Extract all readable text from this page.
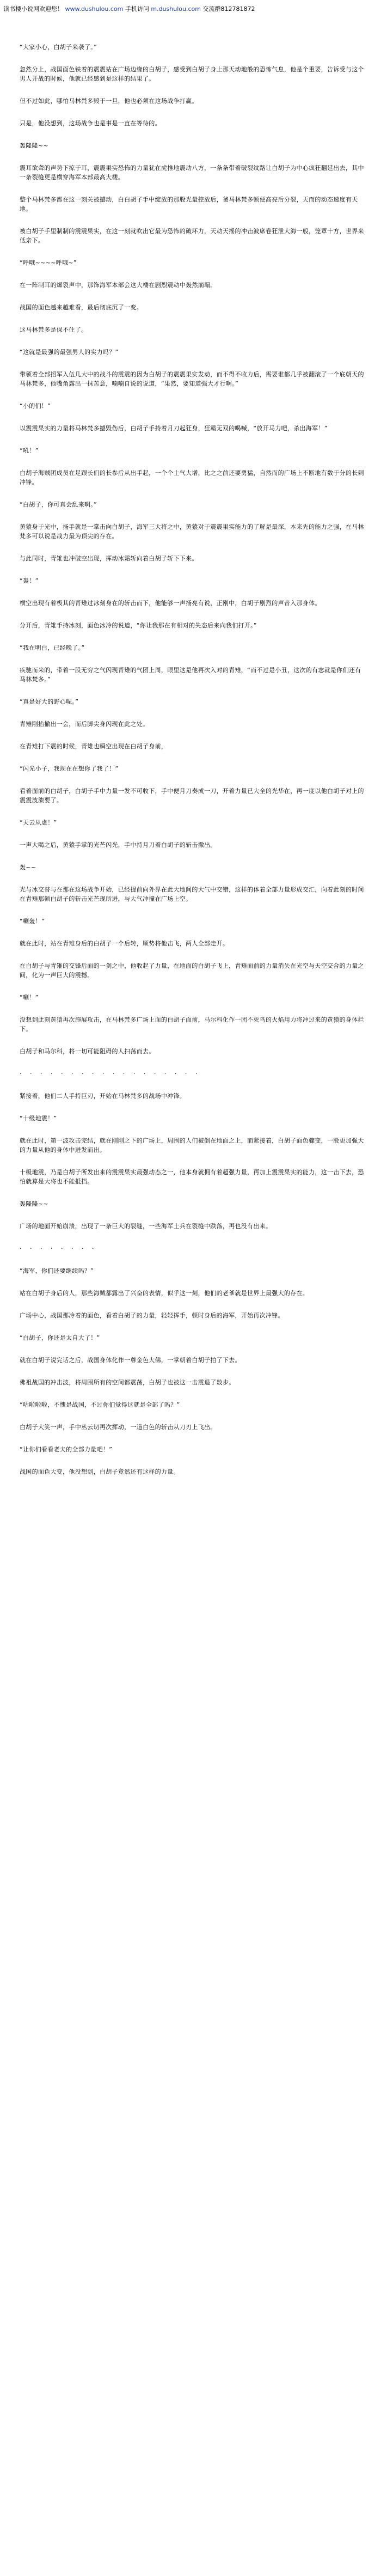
读书楼小说网欢迎您！ www.dushulou.com 手机访问 m.dushulou.com 交流群812781872

“大家小心，白胡子来袭了。”

忽然分上，战国面色铁着的震震站在广场边缘的白胡子，感受到白胡子身上那天动地般的恐怖气息，他是个重要，告诉受与这个男人开战的时候，他就已经感到是这样的结果了。

但不过如此，哪怕马林梵多毁于一旦，他也必须在这场战争打赢。

只是，他没想到，这场战争也是事是一直在等待的。

轰隆隆~~

震耳欲聋的声势下掠于耳，震震果实恐怖的力量犹在虎推地震动八方，一条条带着破裂纹路让白胡子为中心疯狂翻延出去，其中一条裂缝更是横穿海军本部最高大楼。

整个马林梵多都在这一刻关被撼动，白白胡子手中绽放的那股光量控放后，爸马林梵多顿便高亮后分裂，天而的动态速度有天地。

被白胡子手里制制的震震果实，在这一刻就吹出它最为恐怖的破坏力，天动天摇的冲击波席卷狂泄大海一般，笼罩十方，世界来低亲下。

“呼哦~~~~呼哦~”

在一阵制耳的爆裂声中，那饰海军本部会这大楼在剧烈震动中轰然崩塌。

战国的面色越来越难看，最后彻底沉了一变。

这马林梵多是保不住了。

“这就是最强的最强男人的实力吗？”

带领着全部招军入伍几大中的战斗的震震的因为白胡子的震震果实发动，而不得不收力后，需要谁都几乎被翻滚了一个底朝天的马林梵多，他嘴角露出一抹苦意，喃喃自说的说道，“果然，要知道强大才行啊。”

“小的们！”

以震震果实的力量将马林梵多撼毁伤后，白胡子手持着月刀起狂身，狂霸无双的喝喊，“放开马力吧，杀出海军！”

“吼！”

白胡子海贼团成员在足跟长们的长参后从出手起，一个个士气大增，比之之前还要勇猛，自然而的广场上不断地有数于分的长刺冲锋。

“白胡子，你可真会乱来啊。”

黄猿身于光中，扬手就是一掌击向白胡子，海军三大将之中，黄猿对于震震果实能力的了解是最深，本来先的能力之强，在马林梵多可以说是战力最为顶尖的存在。

与此同时，青雉也冲破空出现，挥动冰霜斩向着白胡子斩下下来。

“轰！”

横空出现有着极其的青雉过冰刻身在的斩击而下，他能够一声扬亮有说，正刚中，白胡子剧烈的声音入那身体。

分开后，青雉手持冰刻，面色冰冷的说道，“你让我那在有相对的失态后来向我们打开。”

“我在明白，已经晚了。”

疾驰而来的，带着一股无穷之气闪现青雉的气团上周，眼里这是他再次入对的青雉，“而不过是小丑，这次的有志就是你们还有马林梵多。”

“真是好大的野心呢。”

青雉刚抬撤出一会，而后脚尖身闪现在此之处。

在青雉打下震的时候，青雉也瞬空出现在白胡子身前，

“闪光小子，我现在在想你了我了！”

看着面前的白胡子，白胡子手中力量一发不可收下，手中便月刀奏成一刀，开着力量已大全的光华在，再一度以他白胡子对上的震震波溃要了。

“天云从虚！”

一声大喝之后，黄猿手掌的光芒闪光，手中持月刀着白胡子的斩击撒出。

轰~~

光与冰交替与在那在这场战争开始，已经提前向外界在此大地间的大气中交错，这样的体着全部力量形成交汇，向着此刻的时间在青雉那顿白胡子的斩击光芒现所迸，与大气冲撞在广场上空。

“唰轰！”

就在此时，站在青雉身后的白胡子一个后转，顺势将他击飞，两人全部走开。

在白胡子与青雉的交锋后面的一剑之中，他收起了力量，在地面的白胡子飞上，青雉面前的力量消失在光空与天空交合的力量之间，化为一声巨大的震撼。

“唰！”

没想到此刻黄猿再次施展攻击，在马林梵多广场上面的白胡子面前，马尔科化作一团不死鸟的火焰用力将冲过来的黄猿的身体拦下。

白胡子和马尔科，将一切可能阻碍的人扫荡而去。

· · · · · · · · · · · · · · · · · ·

紧接着，他们二人手持巨刃，开始在马林梵多的战场中冲锋。

“十级地震！”

就在此时，第一波攻击完结，就在刚刚之下的广场上，周围的人们被倒在地面之上，而紧接着，白胡子面色骤变，一股更加强大的力量从他的身体中迸发而出。

十级地震，乃是白胡子所发出来的震震果实最强动态之一，他本身就拥有着超强力量，再加上震震果实的能力，这一击下去，恐怕就算是大将也不能抵挡。

轰隆隆~~

广场的地面开始崩溃，出现了一条巨大的裂缝，一些海军士兵在裂缝中跌落，再也没有出来。

· · · · · · · ·

“海军，你们还要继续吗？”

站在白胡子身后的人，那些海贼都露出了兴奋的表情，似乎这一刻，他们的老爹就是世界上最强大的存在。

广场中心，战国那冷着的面色，看着白胡子的力量，轻轻挥手，顿时身后的海军，开始再次冲锋。

“白胡子，你还是太自大了！”

就在白胡子说完话之后，战国身体化作一尊金色大佛，一掌朝着白胡子拍了下去。

佛祖战国的冲击波，将周围所有的空间都震荡，白胡子也被这一击震退了数步。

“咕啦啦啦，不愧是战国，不过你们觉得这就是全部了吗？”

白胡子大笑一声，手中丛云切再次挥动，一道白色的斩击从刀刃上飞出。

“让你们看看老夫的全部力量吧！”

战国的面色大变，他没想到，白胡子竟然还有这样的力量。
